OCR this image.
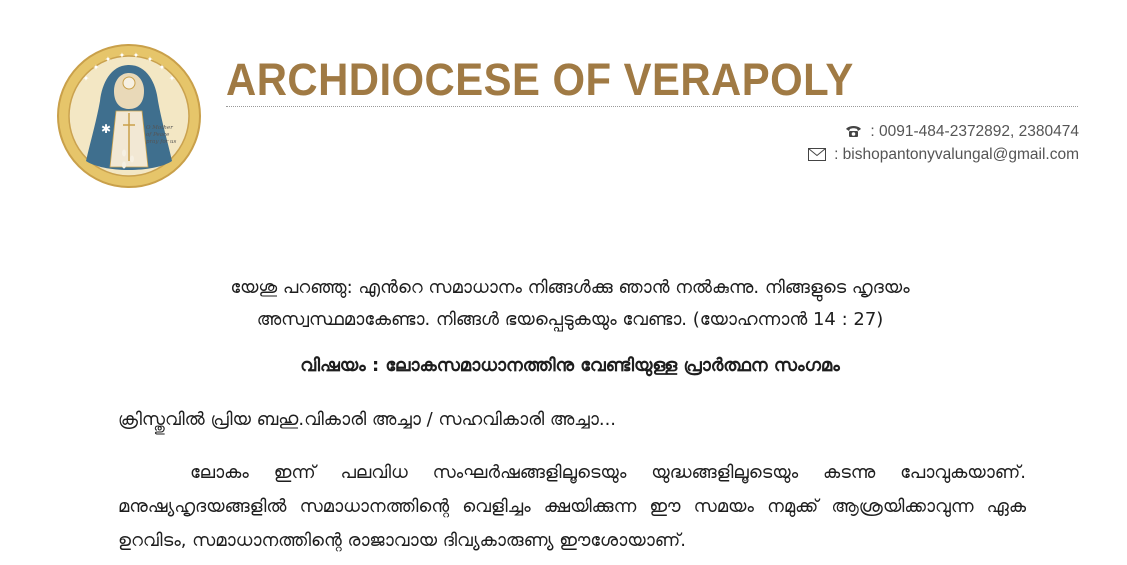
✦
✦ ✦ ✦ ✦
✦
✦
✦
✱	O Mother
of Peace
pray for us
ARCHDIOCESE OF VERAPOLY
: 0091-484-2372892, 2380474
: bishopantonyvalungal@gmail.com

യേശു പറഞ്ഞു: എൻറെ സമാധാനം നിങ്ങൾക്കു ഞാൻ നൽകുന്നു. നിങ്ങളുടെ ഹൃദയം
അസ്വസ്ഥമാകേണ്ടാ. നിങ്ങൾ ഭയപ്പെടുകയും വേണ്ടാ. (യോഹന്നാൻ 14 : 27)

വിഷയം : ലോകസമാധാനത്തിനു വേണ്ടിയുള്ള പ്രാർത്ഥന സംഗമം

ക്രിസ്തുവിൽ പ്രിയ ബഹു.വികാരി അച്ചാ / സഹവികാരി അച്ചാ...

ലോകം ഇന്ന് പലവിധ സംഘർഷങ്ങളിലൂടെയും യുദ്ധങ്ങളിലൂടെയും കടന്നു പോവുകയാണ്. മനുഷ്യഹൃദയങ്ങളിൽ സമാധാനത്തിന്റെ വെളിച്ചം ക്ഷയിക്കുന്ന ഈ സമയം നമുക്ക് ആശ്രയിക്കാവുന്ന ഏക ഉറവിടം, സമാധാനത്തിന്റെ രാജാവായ ദിവ്യകാരുണ്യ ഈശോയാണ്.
